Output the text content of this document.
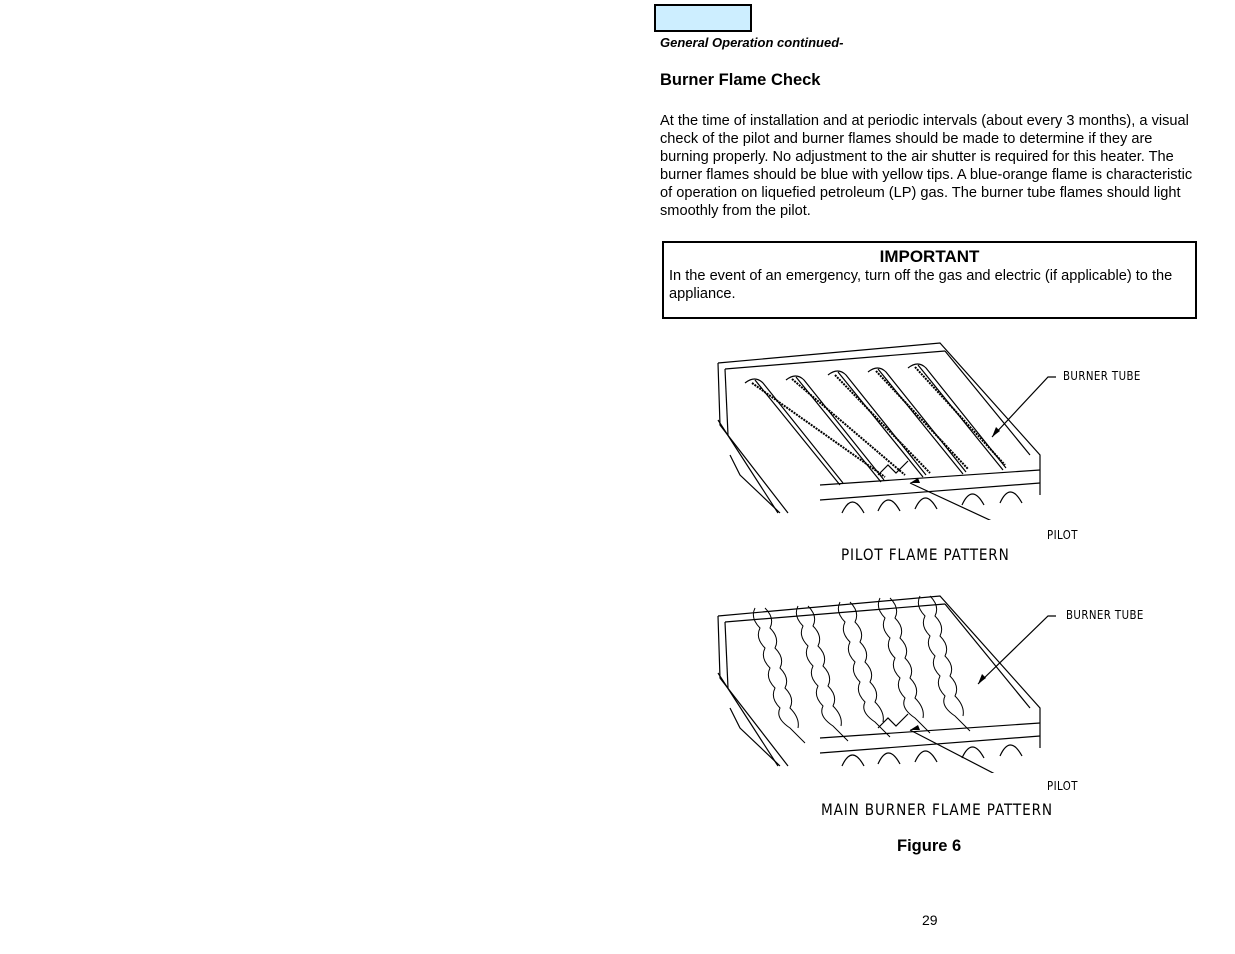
General Operation continued-
Burner Flame Check
At the time of installation and at periodic intervals (about every 3 months), a visual check of the pilot and burner flames should be made to determine if they are burning properly. No adjustment to the air shutter is required for this heater. The burner flames should be blue with yellow tips. A blue-orange flame is characteristic of operation on liquefied petroleum (LP) gas. The burner tube flames should light smoothly from the pilot.
IMPORTANT
In the event of an emergency, turn off the gas and electric (if applicable) to the appliance.
BURNER TUBE
PILOT
PILOT FLAME PATTERN
BURNER TUBE
PILOT
MAIN BURNER FLAME PATTERN
Figure 6
29
